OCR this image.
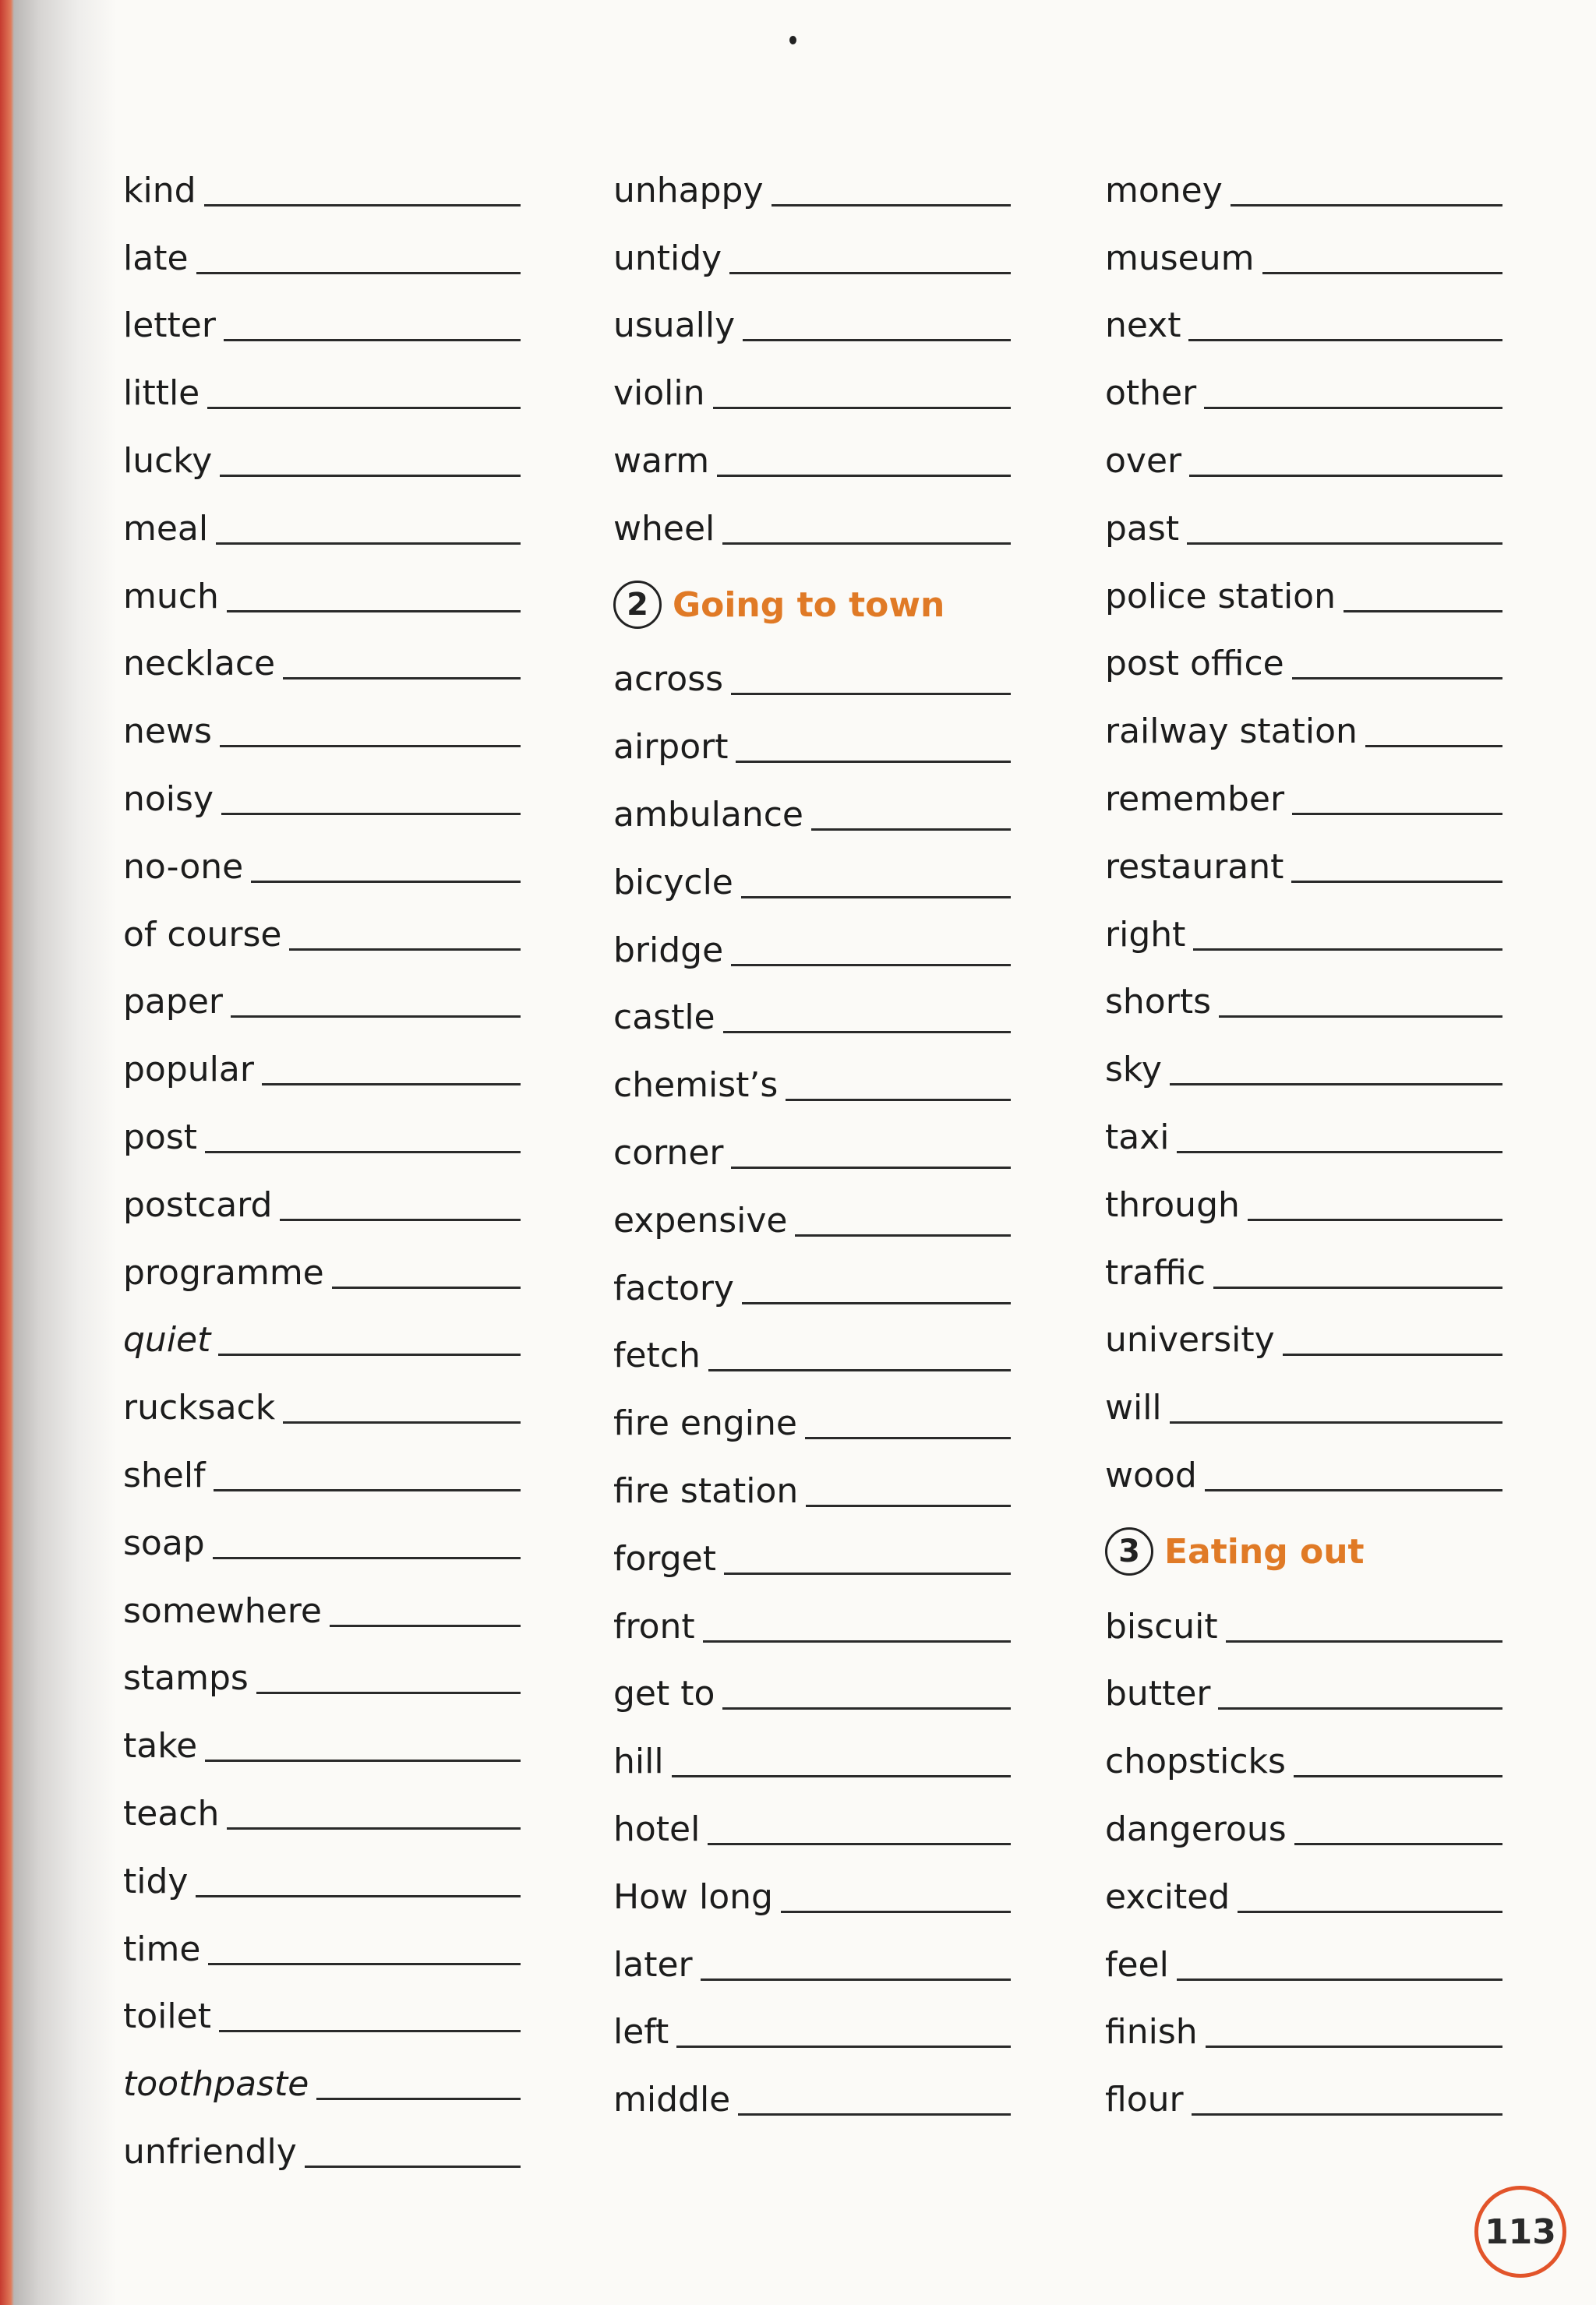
kind
late
letter
little
lucky
meal
much
necklace
news
noisy
no-one
of course
paper
popular
post
postcard
programme
quiet
rucksack
shelf
soap
somewhere
stamps
take
teach
tidy
time
toilet
toothpaste
unfriendly
unhappy
untidy
usually
violin
warm
wheel
2 Going to town
across
airport
ambulance
bicycle
bridge
castle
chemist’s
corner
expensive
factory
fetch
fire engine
fire station
forget
front
get to
hill
hotel
How long
later
left
middle
money
museum
next
other
over
past
police station
post office
railway station
remember
restaurant
right
shorts
sky
taxi
through
traffic
university
will
wood
3 Eating out
biscuit
butter
chopsticks
dangerous
excited
feel
finish
flour
113
